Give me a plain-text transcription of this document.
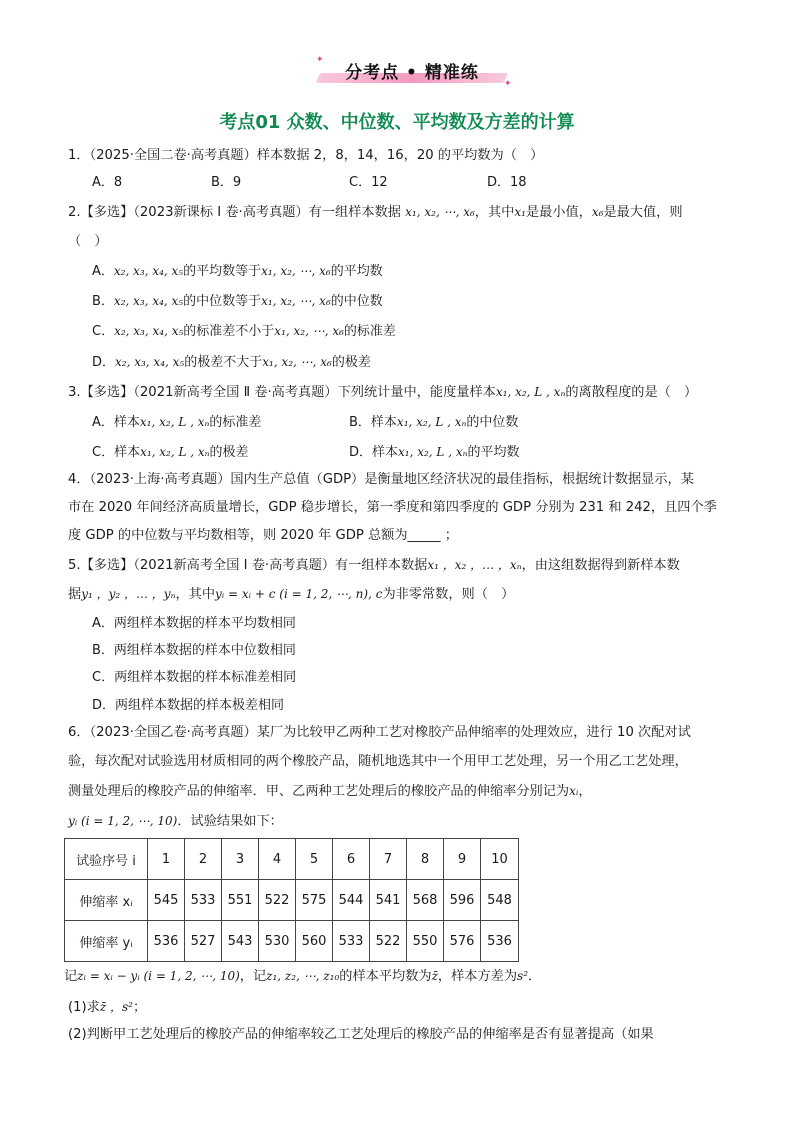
✦
✦
分考点 • 精准练
考点01 众数、中位数、平均数及方差的计算
1．（2025·全国二卷·高考真题）样本数据 2，8，14，16，20 的平均数为（　）
A．8	B．9	C．12	D．18
2.【多选】（2023新课标 Ⅰ 卷·高考真题）有一组样本数据 x₁, x₂, ⋯, x₆，其中x₁是最小值，x₆是最大值，则
（　）
A．x₂, x₃, x₄, x₅的平均数等于x₁, x₂, ⋯, x₆的平均数
B．x₂, x₃, x₄, x₅的中位数等于x₁, x₂, ⋯, x₆的中位数
C．x₂, x₃, x₄, x₅的标准差不小于x₁, x₂, ⋯, x₆的标准差
D．x₂, x₃, x₄, x₅的极差不大于x₁, x₂, ⋯, x₆的极差
3.【多选】（2021新高考全国 Ⅱ 卷·高考真题）下列统计量中，能度量样本x₁, x₂, L , xₙ的离散程度的是（　）
A．样本x₁, x₂, L , xₙ的标准差	B．样本x₁, x₂, L , xₙ的中位数
C．样本x₁, x₂, L , xₙ的极差	D．样本x₁, x₂, L , xₙ的平均数
4．（2023·上海·高考真题）国内生产总值（GDP）是衡量地区经济状况的最佳指标，根据统计数据显示，某
市在 2020 年间经济高质量增长，GDP 稳步增长，第一季度和第四季度的 GDP 分别为 231 和 242，且四个季
度 GDP 的中位数与平均数相等，则 2020 年 GDP 总额为_____ ；
5.【多选】（2021新高考全国 Ⅰ 卷·高考真题）有一组样本数据x₁ ，x₂ ，… ，xₙ，由这组数据得到新样本数
据y₁ ，y₂ ，… ，yₙ，其中yᵢ = xᵢ + c (i = 1, 2, ⋯, n), c为非零常数，则（　）
A．两组样本数据的样本平均数相同
B．两组样本数据的样本中位数相同
C．两组样本数据的样本标准差相同
D．两组样本数据的样本极差相同
6．（2023·全国乙卷·高考真题）某厂为比较甲乙两种工艺对橡胶产品伸缩率的处理效应，进行 10 次配对试
验，每次配对试验选用材质相同的两个橡胶产品，随机地选其中一个用甲工艺处理，另一个用乙工艺处理，
测量处理后的橡胶产品的伸缩率．甲、乙两种工艺处理后的橡胶产品的伸缩率分别记为xᵢ，
yᵢ (i = 1, 2, ⋯, 10)．试验结果如下：
试验序号 i	1	2	3	4	5	6	7	8	9	10
伸缩率 xᵢ	545	533	551	522	575	544	541	568	596	548
伸缩率 yᵢ	536	527	543	530	560	533	522	550	576	536
记zᵢ = xᵢ − yᵢ (i = 1, 2, ⋯, 10)，记z₁, z₂, ⋯, z₁₀的样本平均数为z̄，样本方差为s²．
(1)求z̄ ，s²；
(2)判断甲工艺处理后的橡胶产品的伸缩率较乙工艺处理后的橡胶产品的伸缩率是否有显著提高（如果
